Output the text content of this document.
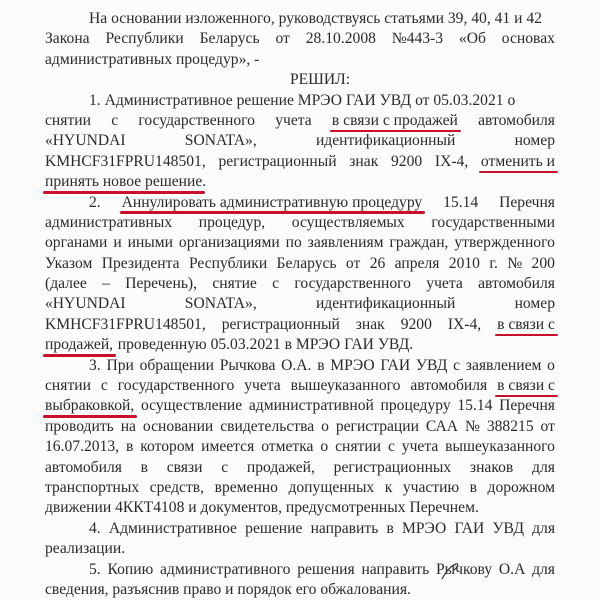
На основании изложенного, руководствуясь статьями 39, 40, 41 и 42
Закона Республики Беларусь от 28.10.2008 №443-3 «Об основах
административных процедур», -
РЕШИЛ:
1. Административное решение МРЭО ГАИ УВД от 05.03.2021 о
снятии с государственного учета в связи с продажей автомобиля
«HYUNDAI	SONATA»,	идентификационный	номер
KMHCF31FPRU148501, регистрационный знак 9200 IX-4, отменить и
принять новое решение .
2. Аннулировать административную процедуру 15.14 Перечня
административных процедур, осуществляемых государственными
органами и иными организациями по заявлениям граждан, утвержденного
Указом Президента Республики Беларусь от 26 апреля 2010 г. № 200
(далее – Перечень), снятие с государственного учета автомобиля
«HYUNDAI	SONATA»,	идентификационный	номер
KMHCF31FPRU148501, регистрационный знак 9200 IX-4, в связи с
продажей, проведенную 05.03.2021 в МРЭО ГАИ УВД.
3. При обращении Рычкова О.А. в МРЭО ГАИ УВД с заявлением о
снятии с государственного учета вышеуказанного автомобиля в связи с
выбраковкой, осуществление административной процедуру 15.14 Перечня
проводить на основании свидетельства о регистрации САА № 388215 от
16.07.2013, в котором имеется отметка о снятии с учета вышеуказанного
автомобиля в связи с продажей, регистрационных знаков для
транспортных средств, временно допущенных к участию в дорожном
движении 4ККТ4108 и документов, предусмотренных Перечнем.
4. Административное решение направить в МРЭО ГАИ УВД для
реализации.
5. Копию административного решения направить Рычкову О.А для
сведения, разъяснив право и порядок его обжалования.
